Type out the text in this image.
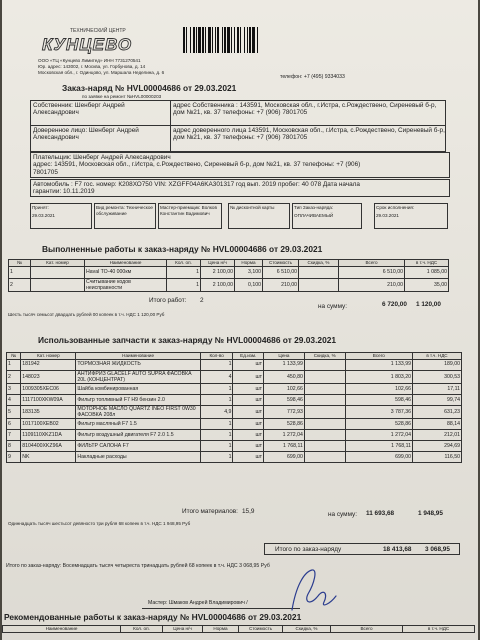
ТЕХНИЧЕСКИЙ ЦЕНТР
КУНЦЕВО
ООО «ТЦ «Кунцево Лимитед» ИНН 7731270541
Юр. адрес: 143002, г. Москва, ул. Горбунова, д. 14
Московская обл., г. Одинцово, ул. Маршала Неделина, д. 6
телефон: +7 (495) 9334033
Заказ-наряд № HVL00004686 от 29.03.2021
по заявке на ремонт №HVL00000203
Собственник: Шенберг Андрей Александрович
адрес Собственника : 143591, Московская обл., г.Истра, с.Рождествено, Сиреневый б-р, дом №21, кв. 37 телефоны: +7 (906) 7801705
Доверенное лицо: Шенберг Андрей Александрович
адрес доверенного лица 143591, Московская обл., г.Истра, с.Рождествено, Сиреневый б-р, дом №21, кв. 37 телефоны: +7 (906) 7801705
Плательщик: Шенберг Андрей Александрович
адрес: 143591, Московская обл., г.Истра, с.Рождествено, Сиреневый б-р, дом №21, кв. 37 телефоны: +7 (906)
7801705
Автомобиль : F7 гос. номер: К208ХО750 VIN: XZGFF04A6KA301317 год вып. 2019 пробег: 40 078 Дата начала
гарантии: 10.11.2019
Принят:
29.03.2021
Вид ремонта: Техническое обслуживание
Мастер-приемщик: Волков Константин Вадимович
№ дисконтной карты	Тип Заказ-наряда:
ОПЛАЧИВАЕМЫЙ
Срок исполнения:
29.03.2021
Выполненные работы к заказ-наряду № HVL00004686 от 29.03.2021
№	Кат. номер	Наименование	Кол. оп.	Цена н/ч	Норма	Стоимость	Скидка, %	Всего	в т.ч. НДС
1		Haval TO-40 000км	1	2 100,00	3,100	6 510,00		6 510,00	1 085,00
2		Считывание кодов неисправности	1	2 100,00	0,100	210,00		210,00	35,00
Итого работ: 2
на сумму:	6 720,00 1 120,00
Шесть тысяч семьсот двадцать рублей 00 копеек в т.ч. НДС 1 120,00 Руб
Использованные запчасти к заказ-наряду № HVL00004686 от 29.03.2021
№	Кат. номер	Наименование	Кол-во	Ед.изм.	Цена	Скидка, %	Всего	в т.ч. НДС
1	181942	ТОРМОЗНАЯ ЖИДКОСТЬ	1	шт	1 133,99		1 133,99	189,00
2	148023	АНТИФРИЗ GLACELF AUTO SUPRA ФАСОВКА 20L (КОНЦЕНТРАТ)	4	шт	450,80		1 803,20	300,53
3	1009305XEC06	Шайба комбинированная	1	шт	102,66		102,66	17,11
4	1117100XKW09A	Фильтр топливный F7 H9 бензин 2.0	1	шт	598,46		598,46	99,74
5	183135	МОТОРНОЕ МАСЛО QUARTZ INEO FIRST 0W30 ФАСОВКА 208л	4,9	шт	772,93		3 787,36	631,23
6	1017100XEB02	Фильтр масляный F7 1.5	1	шт	528,86		528,86	88,14
7	1109110XKZ1DA	Фильтр воздушный двигателя F7 2.0 1.5	1	шт	1 272,04		1 272,04	212,01
8	8104400XKZ96A	ФИЛЬТР САЛОНА F7	1	шт	1 768,11		1 768,11	294,69
9	NK	Накладные расходы	1	шт	699,00		699,00	116,50
Итого материалов: 15,9	на сумму: 11 693,68	1 948,95
Одиннадцать тысяч шестьсот девяносто три рубля 68 копеек в т.ч. НДС 1 948,95 Руб
Итого по заказ-наряду	18 413,68 3 068,95
Итого по заказ-наряду: Восемнадцать тысяч четыреста тринадцать рублей 68 копеек в т.ч. НДС 3 068,95 Руб
Мастер: Шмаков Андрей Владимирович /
Рекомендованные работы к заказ-наряду № HVL00004686 от 29.03.2021
Наименование	Кол. оп.	Цена н/ч	Норма	Стоимость	Скидка, %	Всего	в т.ч. НДС
